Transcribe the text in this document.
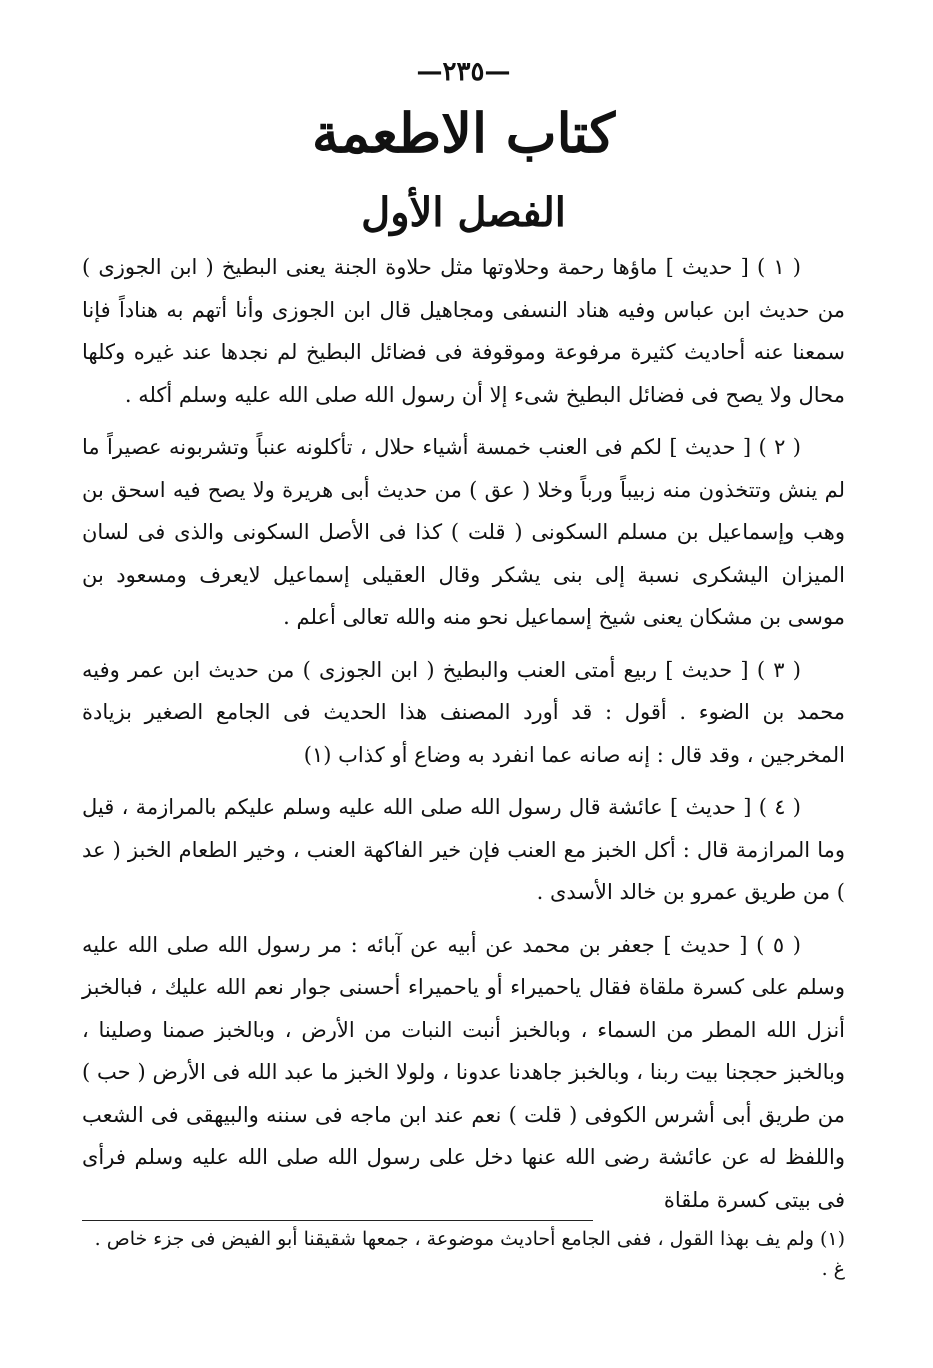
—٢٣٥—
كتاب الاطعمة
الفصل الأول

( ١ ) [ حديث ] ماؤها رحمة وحلاوتها مثل حلاوة الجنة يعنى البطيخ ( ابن الجوزى ) من حديث ابن عباس وفيه هناد النسفى ومجاهيل قال ابن الجوزى وأنا أتهم به هناداً فإنا سمعنا عنه أحاديث كثيرة مرفوعة وموقوفة فى فضائل البطيخ لم نجدها عند غيره وكلها محال ولا يصح فى فضائل البطيخ شىء إلا أن رسول الله صلى الله عليه وسلم أكله .

( ٢ ) [ حديث ] لكم فى العنب خمسة أشياء حلال ، تأكلونه عنباً وتشربونه عصيراً ما لم ينش وتتخذون منه زبيباً ورباً وخلا ( عق ) من حديث أبى هريرة ولا يصح فيه اسحق بن وهب وإسماعيل بن مسلم السكونى ( قلت ) كذا فى الأصل السكونى والذى فى لسان الميزان اليشكرى نسبة إلى بنى يشكر وقال العقيلى إسماعيل لايعرف ومسعود بن موسى بن مشكان يعنى شيخ إسماعيل نحو منه والله تعالى أعلم .

( ٣ ) [ حديث ] ربيع أمتى العنب والبطيخ ( ابن الجوزى ) من حديث ابن عمر وفيه محمد بن الضوء . أقول : قد أورد المصنف هذا الحديث فى الجامع الصغير بزيادة المخرجين ، وقد قال : إنه صانه عما انفرد به وضاع أو كذاب (١)

( ٤ ) [ حديث ] عائشة قال رسول الله صلى الله عليه وسلم عليكم بالمرازمة ، قيل وما المرازمة قال : أكل الخبز مع العنب فإن خير الفاكهة العنب ، وخير الطعام الخبز ( عد ) من طريق عمرو بن خالد الأسدى .

( ٥ ) [ حديث ] جعفر بن محمد عن أبيه عن آبائه : مر رسول الله صلى الله عليه وسلم على كسرة ملقاة فقال ياحميراء أو ياحميراء أحسنى جوار نعم الله عليك ، فبالخبز أنزل الله المطر من السماء ، وبالخبز أنبت النبات من الأرض ، وبالخبز صمنا وصلينا ، وبالخبز حججنا بيت ربنا ، وبالخبز جاهدنا عدونا ، ولولا الخبز ما عبد الله فى الأرض ( حب ) من طريق أبى أشرس الكوفى ( قلت ) نعم عند ابن ماجه فى سننه والبيهقى فى الشعب واللفظ له عن عائشة رضى الله عنها دخل على رسول الله صلى الله عليه وسلم فرأى فى بيتى كسرة ملقاة

(١) ولم يف بهذا القول ، ففى الجامع أحاديث موضوعة ، جمعها شقيقنا أبو الفيض فى جزء خاص . غ .
